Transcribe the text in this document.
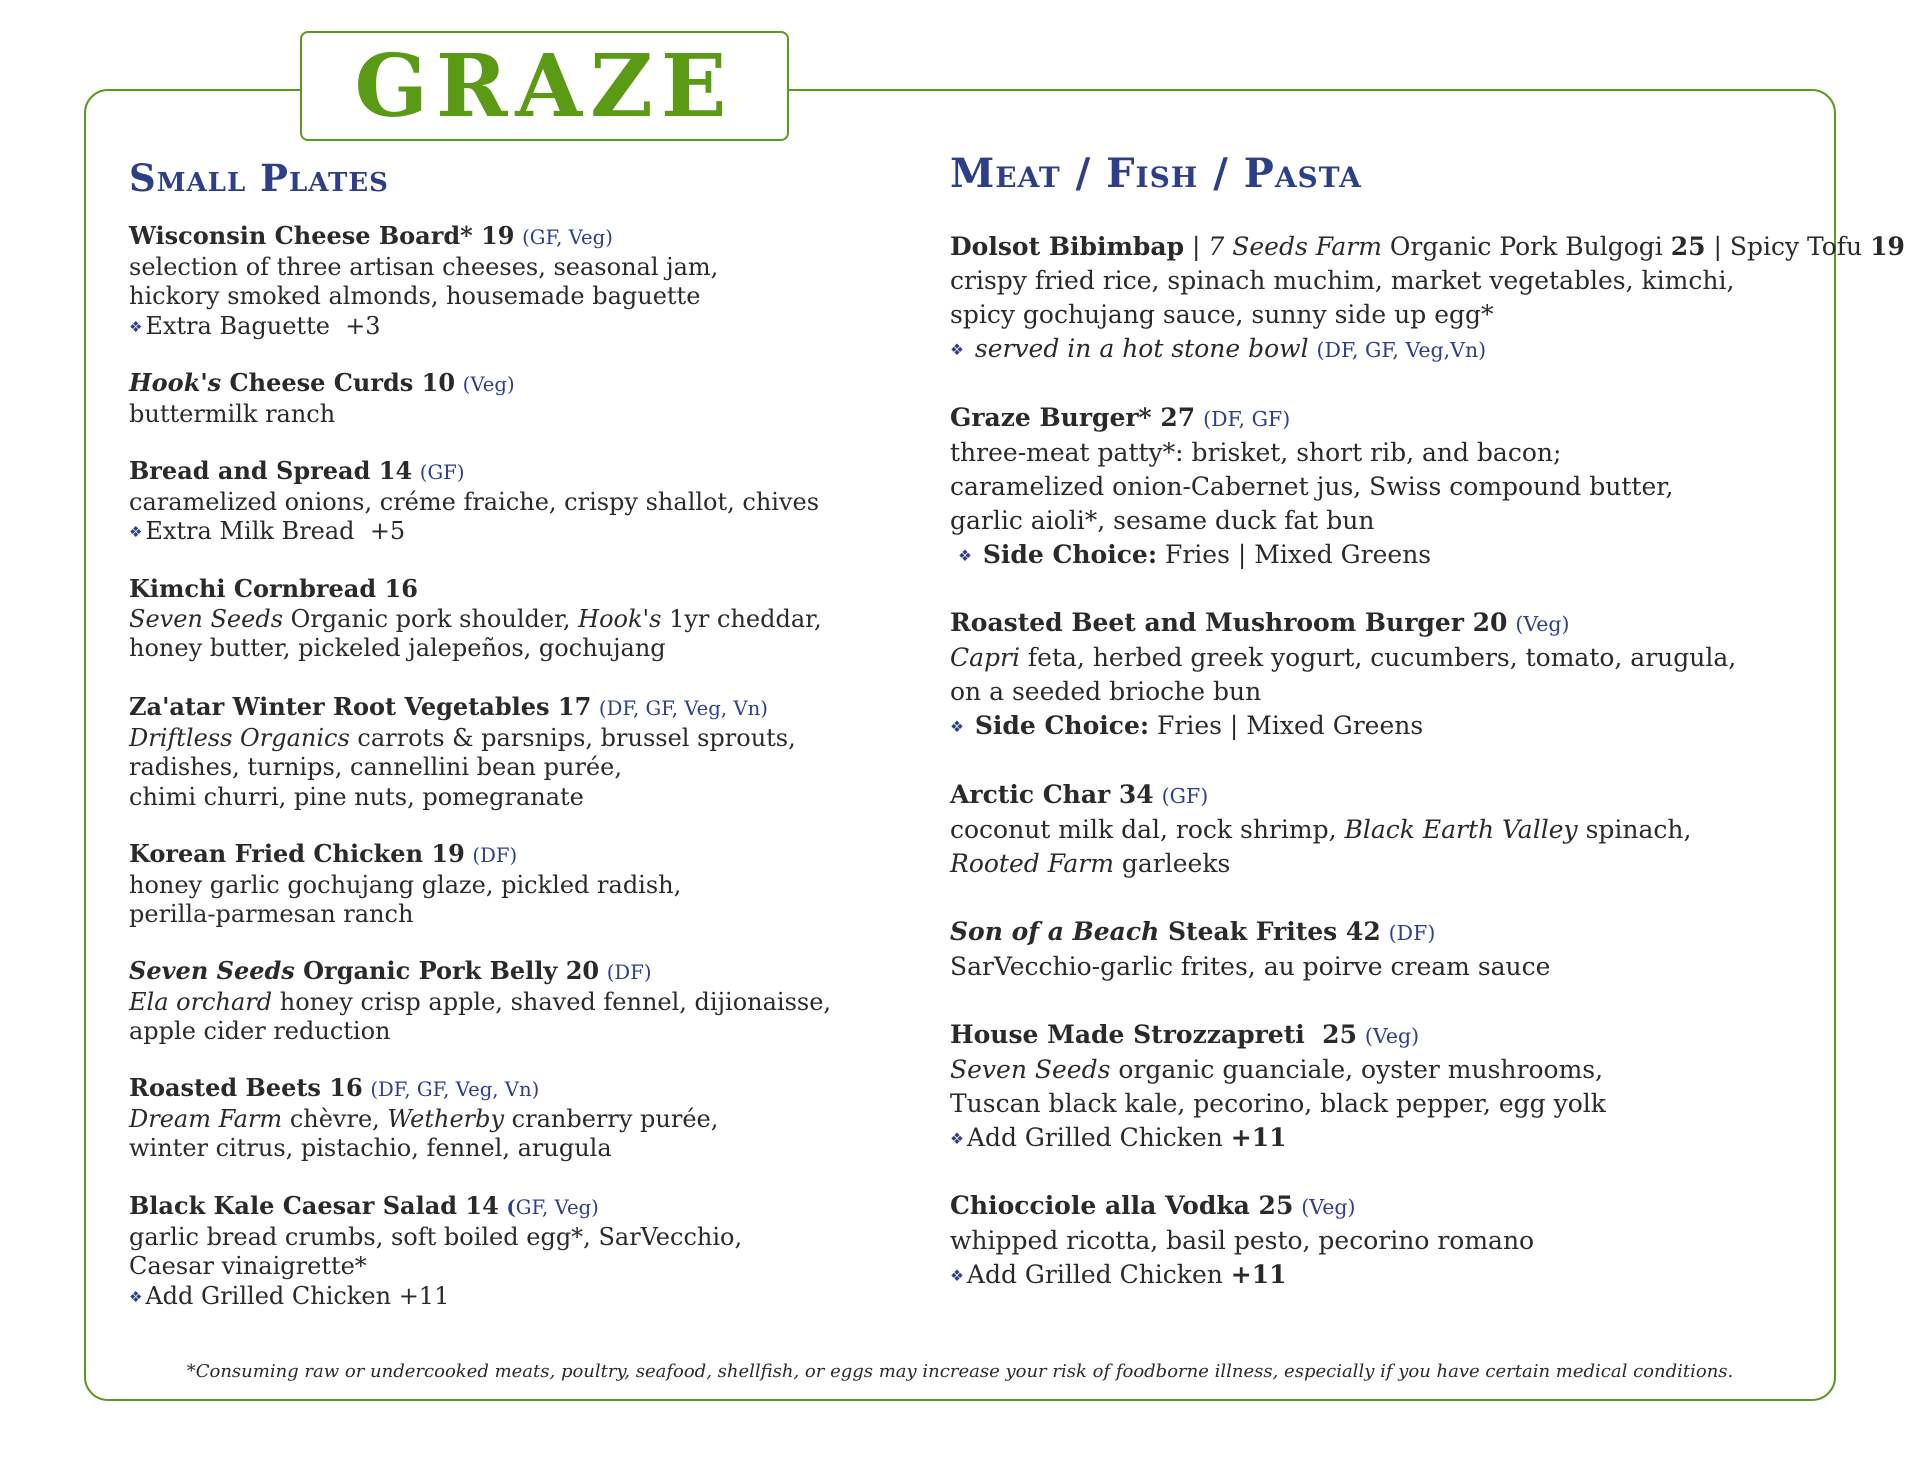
GRAZE
Small Plates
Wisconsin Cheese Board* 19 (GF, Veg)
selection of three artisan cheeses, seasonal jam,
hickory smoked almonds, housemade baguette
❖ Extra Baguette +3
Hook's Cheese Curds 10 (Veg)
buttermilk ranch
Bread and Spread 14 (GF)
caramelized onions, créme fraiche, crispy shallot, chives
❖ Extra Milk Bread +5
Kimchi Cornbread 16
Seven Seeds Organic pork shoulder, Hook's 1yr cheddar,
honey butter, pickeled jalepeños, gochujang
Za'atar Winter Root Vegetables 17 (DF, GF, Veg, Vn)
Driftless Organics carrots & parsnips, brussel sprouts,
radishes, turnips, cannellini bean purée,
chimi churri, pine nuts, pomegranate
Korean Fried Chicken 19 (DF)
honey garlic gochujang glaze, pickled radish,
perilla-parmesan ranch
Seven Seeds Organic Pork Belly 20 (DF)
Ela orchard honey crisp apple, shaved fennel, dijionaisse,
apple cider reduction
Roasted Beets 16 (DF, GF, Veg, Vn)
Dream Farm chèvre, Wetherby cranberry purée,
winter citrus, pistachio, fennel, arugula
Black Kale Caesar Salad 14 (GF, Veg)
garlic bread crumbs, soft boiled egg*, SarVecchio,
Caesar vinaigrette*
❖ Add Grilled Chicken +11
Meat / Fish / Pasta
Dolsot Bibimbap | 7 Seeds Farm Organic Pork Bulgogi 25 | Spicy Tofu 19
crispy fried rice, spinach muchim, market vegetables, kimchi,
spicy gochujang sauce, sunny side up egg*
❖ served in a hot stone bowl (DF, GF, Veg,Vn)
Graze Burger* 27 (DF, GF)
three-meat patty*: brisket, short rib, and bacon;
caramelized onion-Cabernet jus, Swiss compound butter,
garlic aioli*, sesame duck fat bun
❖ Side Choice: Fries | Mixed Greens
Roasted Beet and Mushroom Burger 20 (Veg)
Capri feta, herbed greek yogurt, cucumbers, tomato, arugula,
on a seeded brioche bun
❖ Side Choice: Fries | Mixed Greens
Arctic Char 34 (GF)
coconut milk dal, rock shrimp, Black Earth Valley spinach,
Rooted Farm garleeks
Son of a Beach Steak Frites 42 (DF)
SarVecchio-garlic frites, au poirve cream sauce
House Made Strozzapreti  25 (Veg)
Seven Seeds organic guanciale, oyster mushrooms,
Tuscan black kale, pecorino, black pepper, egg yolk
❖ Add Grilled Chicken +11
Chiocciole alla Vodka 25 (Veg)
whipped ricotta, basil pesto, pecorino romano
❖ Add Grilled Chicken +11
*Consuming raw or undercooked meats, poultry, seafood, shellfish, or eggs may increase your risk of foodborne illness, especially if you have certain medical conditions.
